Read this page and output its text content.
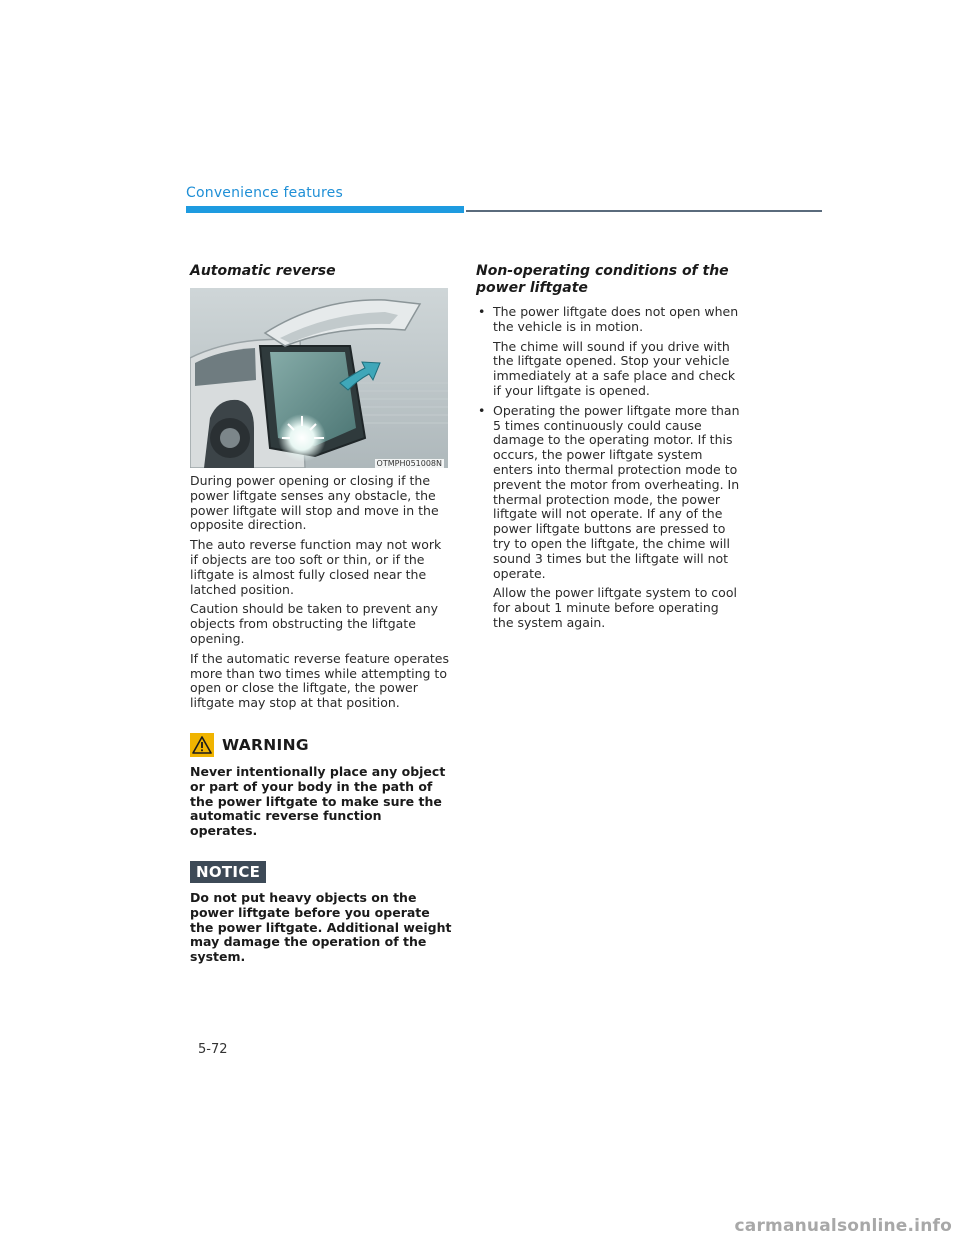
Convenience features
Automatic reverse
OTMPH051008N

During power opening or closing if the power liftgate senses any obstacle, the power liftgate will stop and move in the opposite direction.

The auto reverse function may not work if objects are too soft or thin, or if the liftgate is almost fully closed near the latched position.

Caution should be taken to prevent any objects from obstructing the liftgate opening.

If the automatic reverse feature operates more than two times while attempting to open or close the liftgate, the power liftgate may stop at that position.

WARNING

Never intentionally place any object or part of your body in the path of the power liftgate to make sure the automatic reverse function operates.

NOTICE

Do not put heavy objects on the power liftgate before you operate the power liftgate. Additional weight may damage the operation of the system.

Non-operating conditions of the power liftgate
• The power liftgate does not open when the vehicle is in motion.

The chime will sound if you drive with the liftgate opened. Stop your vehicle immediately at a safe place and check if your liftgate is opened.

• Operating the power liftgate more than 5 times continuously could cause damage to the operating motor. If this occurs, the power liftgate system enters into thermal protection mode to prevent the motor from overheating. In thermal protection mode, the power liftgate will not operate. If any of the power liftgate buttons are pressed to try to open the liftgate, the chime will sound 3 times but the liftgate will not operate.

Allow the power liftgate system to cool for about 1 minute before operating the system again.

5-72
carmanualsonline.info
